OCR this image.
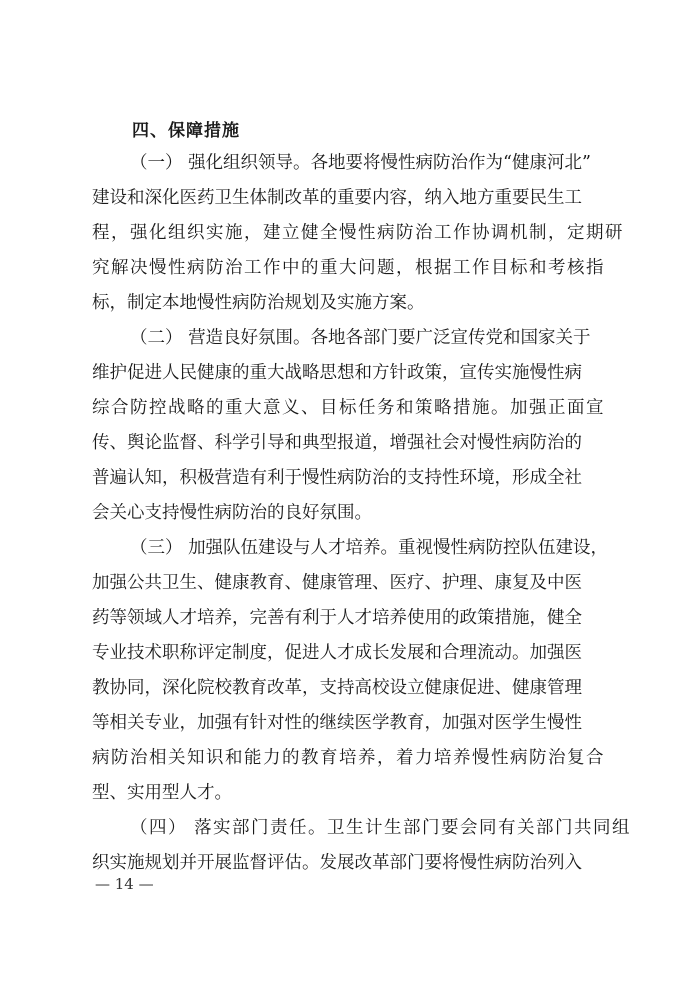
四、保障措施
（一） 强化组织领导。各地要将慢性病防治作为“健康河北”
建设和深化医药卫生体制改革的重要内容，纳入地方重要民生工
程，强化组织实施，建立健全慢性病防治工作协调机制，定期研
究解决慢性病防治工作中的重大问题，根据工作目标和考核指
标，制定本地慢性病防治规划及实施方案。
（二） 营造良好氛围。各地各部门要广泛宣传党和国家关于
维护促进人民健康的重大战略思想和方针政策，宣传实施慢性病
综合防控战略的重大意义、目标任务和策略措施。加强正面宣
传、舆论监督、科学引导和典型报道，增强社会对慢性病防治的
普遍认知，积极营造有利于慢性病防治的支持性环境，形成全社
会关心支持慢性病防治的良好氛围。
（三） 加强队伍建设与人才培养。重视慢性病防控队伍建设，
加强公共卫生、健康教育、健康管理、医疗、护理、康复及中医
药等领域人才培养，完善有利于人才培养使用的政策措施，健全
专业技术职称评定制度，促进人才成长发展和合理流动。加强医
教协同，深化院校教育改革，支持高校设立健康促进、健康管理
等相关专业，加强有针对性的继续医学教育，加强对医学生慢性
病防治相关知识和能力的教育培养，着力培养慢性病防治复合
型、实用型人才。
（四） 落实部门责任。卫生计生部门要会同有关部门共同组
织实施规划并开展监督评估。发展改革部门要将慢性病防治列入
— 14 —
